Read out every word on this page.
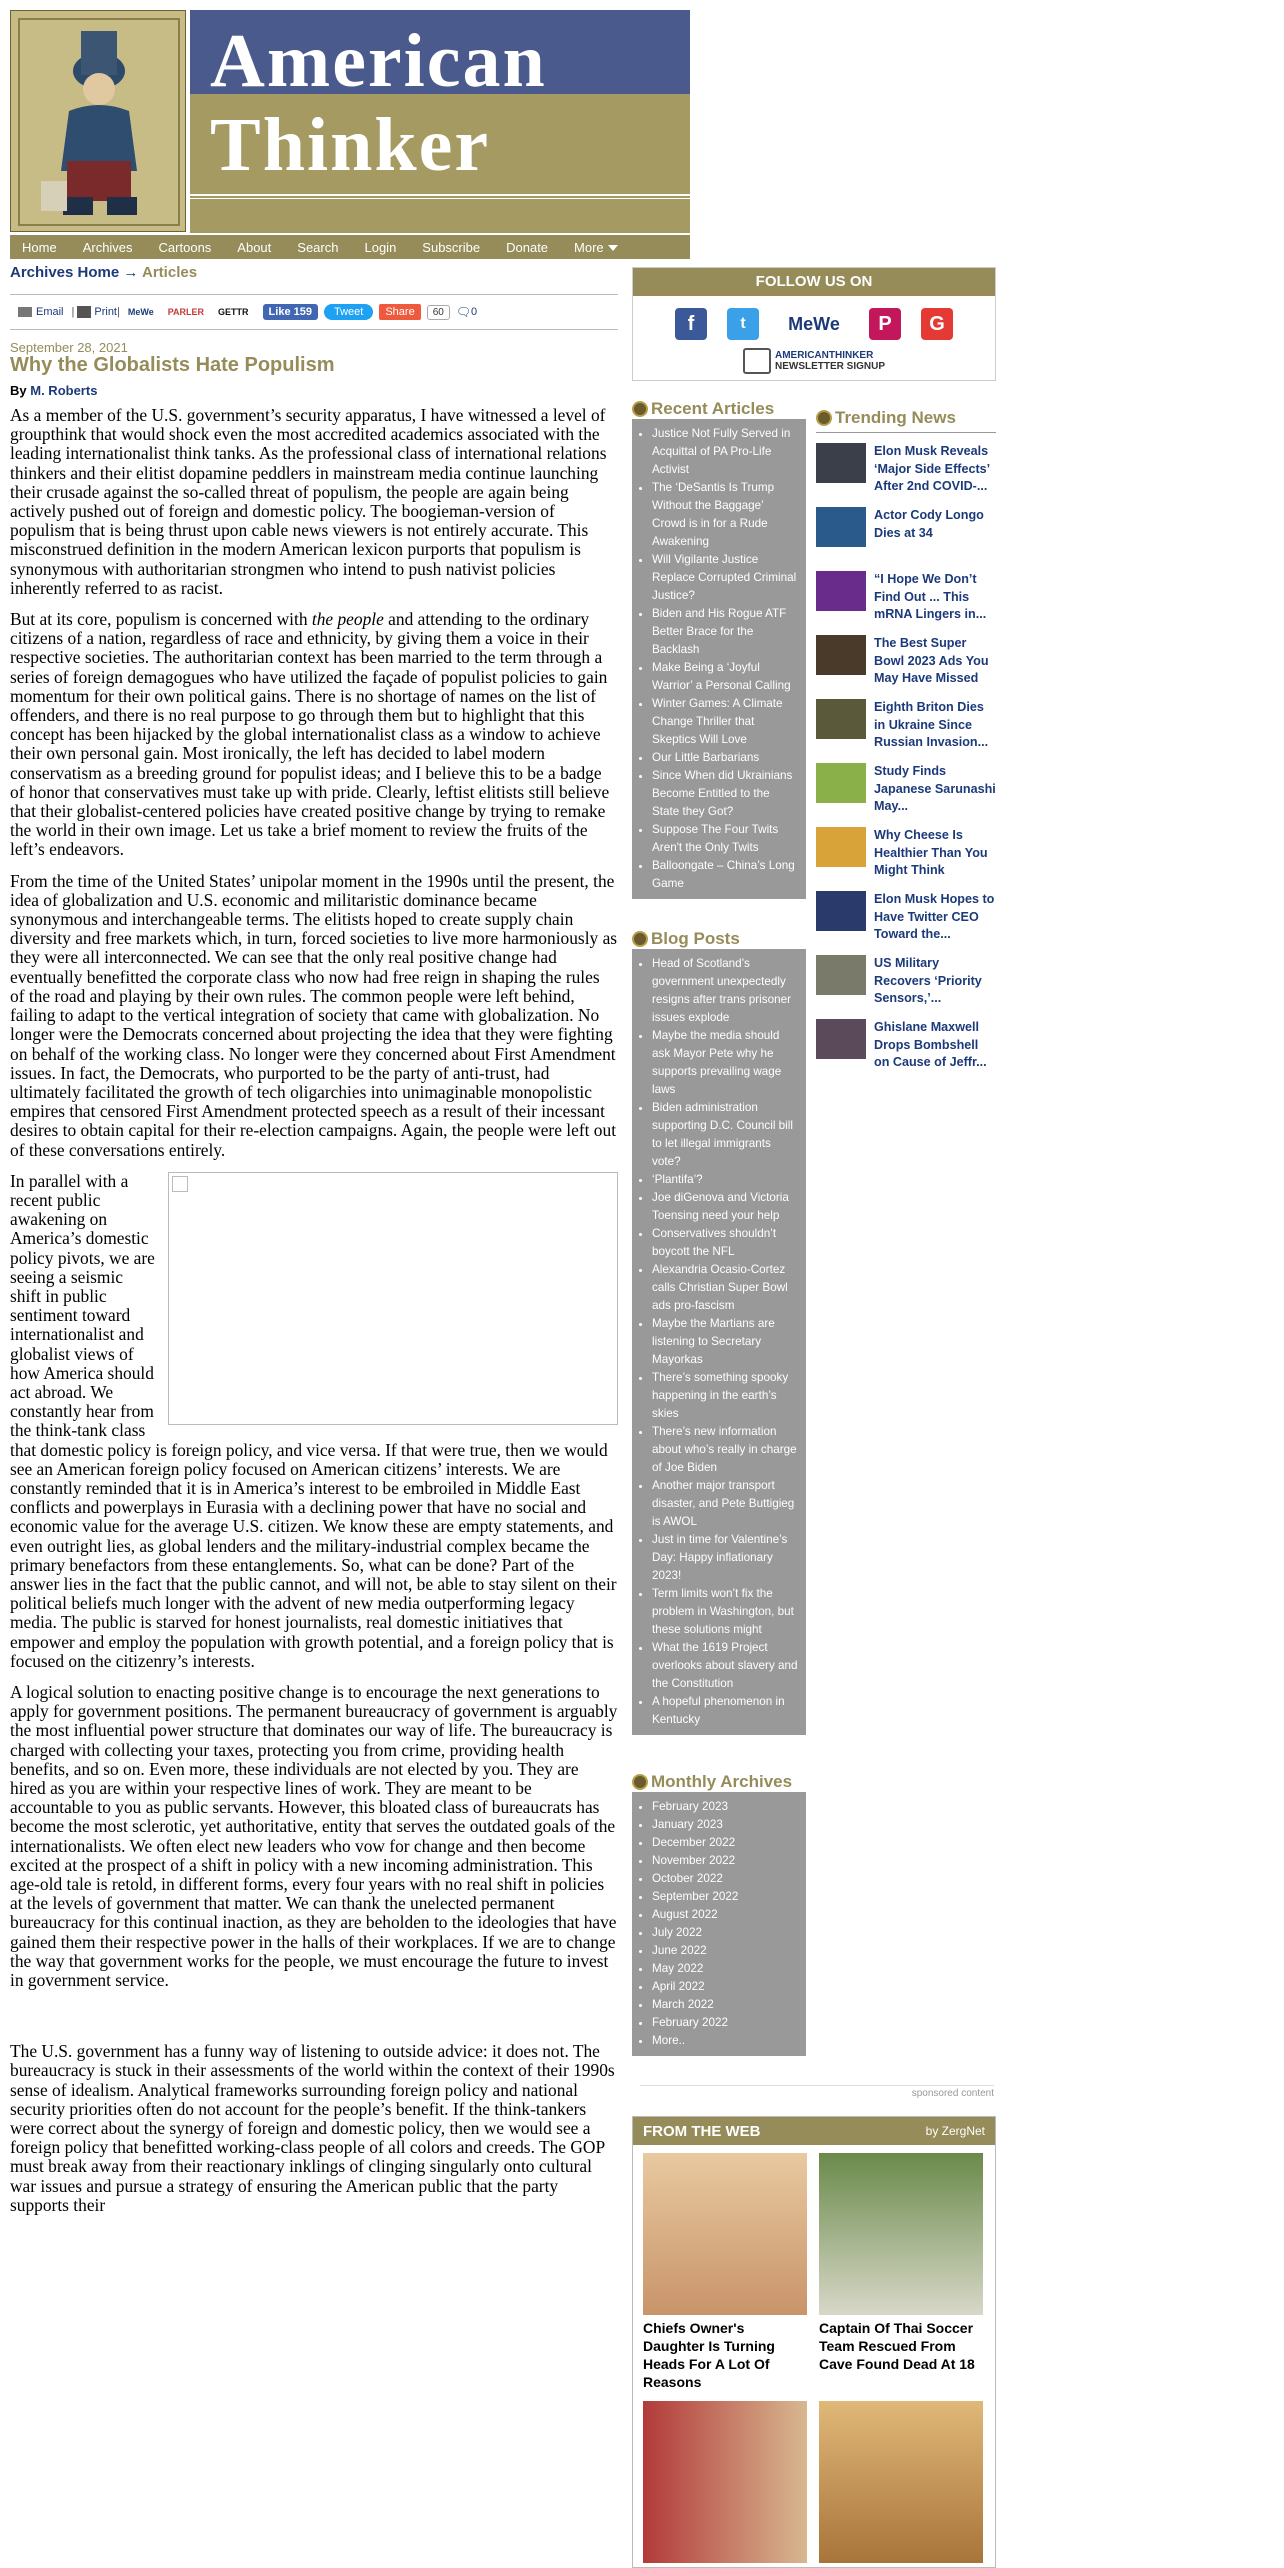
American
Thinker
Home Archives Cartoons About Search Login Subscribe Donate More
Archives Home → Articles
Email | Print | MeWe PARLER GETTR	Like 159	Tweet	Share	60	🗨 0
September 28, 2021
Why the Globalists Hate Populism
By M. Roberts

As a member of the U.S. government’s security apparatus, I have witnessed a level of groupthink that would shock even the most accredited academics associated with the leading internationalist think tanks. As the professional class of international relations thinkers and their elitist dopamine peddlers in mainstream media continue launching their crusade against the so-called threat of populism, the people are again being actively pushed out of foreign and domestic policy. The boogieman-version of populism that is being thrust upon cable news viewers is not entirely accurate. This misconstrued definition in the modern American lexicon purports that populism is synonymous with authoritarian strongmen who intend to push nativist policies inherently referred to as racist.

But at its core, populism is concerned with the people and attending to the ordinary citizens of a nation, regardless of race and ethnicity, by giving them a voice in their respective societies. The authoritarian context has been married to the term through a series of foreign demagogues who have utilized the façade of populist policies to gain momentum for their own political gains. There is no shortage of names on the list of offenders, and there is no real purpose to go through them but to highlight that this concept has been hijacked by the global internationalist class as a window to achieve their own personal gain. Most ironically, the left has decided to label modern conservatism as a breeding ground for populist ideas; and I believe this to be a badge of honor that conservatives must take up with pride. Clearly, leftist elitists still believe that their globalist-centered policies have created positive change by trying to remake the world in their own image. Let us take a brief moment to review the fruits of the left’s endeavors.

From the time of the United States’ unipolar moment in the 1990s until the present, the idea of globalization and U.S. economic and militaristic dominance became synonymous and interchangeable terms. The elitists hoped to create supply chain diversity and free markets which, in turn, forced societies to live more harmoniously as they were all interconnected. We can see that the only real positive change had eventually benefitted the corporate class who now had free reign in shaping the rules of the road and playing by their own rules. The common people were left behind, failing to adapt to the vertical integration of society that came with globalization. No longer were the Democrats concerned about projecting the idea that they were fighting on behalf of the working class. No longer were they concerned about First Amendment issues. In fact, the Democrats, who purported to be the party of anti-trust, had ultimately facilitated the growth of tech oligarchies into unimaginable monopolistic empires that censored First Amendment protected speech as a result of their incessant desires to obtain capital for their re-election campaigns. Again, the people were left out of these conversations entirely.

In parallel with a recent public awakening on America’s domestic policy pivots, we are seeing a seismic shift in public sentiment toward internationalist and globalist views of how America should act abroad. We constantly hear from the think-tank class that domestic policy is foreign policy, and vice versa. If that were true, then we would see an American foreign policy focused on American citizens’ interests. We are constantly reminded that it is in America’s interest to be embroiled in Middle East conflicts and powerplays in Eurasia with a declining power that have no social and economic value for the average U.S. citizen. We know these are empty statements, and even outright lies, as global lenders and the military-industrial complex became the primary benefactors from these entanglements. So, what can be done? Part of the answer lies in the fact that the public cannot, and will not, be able to stay silent on their political beliefs much longer with the advent of new media outperforming legacy media. The public is starved for honest journalists, real domestic initiatives that empower and employ the population with growth potential, and a foreign policy that is focused on the citizenry’s interests.

A logical solution to enacting positive change is to encourage the next generations to apply for government positions. The permanent bureaucracy of government is arguably the most influential power structure that dominates our way of life. The bureaucracy is charged with collecting your taxes, protecting you from crime, providing health benefits, and so on. Even more, these individuals are not elected by you. They are hired as you are within your respective lines of work. They are meant to be accountable to you as public servants. However, this bloated class of bureaucrats has become the most sclerotic, yet authoritative, entity that serves the outdated goals of the internationalists. We often elect new leaders who vow for change and then become excited at the prospect of a shift in policy with a new incoming administration. This age-old tale is retold, in different forms, every four years with no real shift in policies at the levels of government that matter. We can thank the unelected permanent bureaucracy for this continual inaction, as they are beholden to the ideologies that have gained them their respective power in the halls of their workplaces. If we are to change the way that government works for the people, we must encourage the future to invest in government service.

The U.S. government has a funny way of listening to outside advice: it does not. The bureaucracy is stuck in their assessments of the world within the context of their 1990s sense of idealism. Analytical frameworks surrounding foreign policy and national security priorities often do not account for the people’s benefit. If the think-tankers were correct about the synergy of foreign and domestic policy, then we would see a foreign policy that benefitted working-class people of all colors and creeds. The GOP must break away from their reactionary inklings of clinging singularly onto cultural war issues and pursue a strategy of ensuring the American public that the party supports their

FOLLOW US ON
f	t	MeWe	P	G
AMERICANTHINKER
NEWSLETTER SIGNUP
Recent Articles
• Justice Not Fully Served in Acquittal of PA Pro-Life Activist
• The ‘DeSantis Is Trump Without the Baggage’ Crowd is in for a Rude Awakening
• Will Vigilante Justice Replace Corrupted Criminal Justice?
• Biden and His Rogue ATF Better Brace for the Backlash
• Make Being a ‘Joyful Warrior’ a Personal Calling
• Winter Games: A Climate Change Thriller that Skeptics Will Love
• Our Little Barbarians
• Since When did Ukrainians Become Entitled to the State they Got?
• Suppose The Four Twits Aren't the Only Twits
• Balloongate – China’s Long Game
Blog Posts
• Head of Scotland’s government unexpectedly resigns after trans prisoner issues explode
• Maybe the media should ask Mayor Pete why he supports prevailing wage laws
• Biden administration supporting D.C. Council bill to let illegal immigrants vote?
• ‘Plantifa’?
• Joe diGenova and Victoria Toensing need your help
• Conservatives shouldn’t boycott the NFL
• Alexandria Ocasio-Cortez calls Christian Super Bowl ads pro-fascism
• Maybe the Martians are listening to Secretary Mayorkas
• There’s something spooky happening in the earth’s skies
• There’s new information about who’s really in charge of Joe Biden
• Another major transport disaster, and Pete Buttigieg is AWOL
• Just in time for Valentine’s Day: Happy inflationary 2023!
• Term limits won’t fix the problem in Washington, but these solutions might
• What the 1619 Project overlooks about slavery and the Constitution
• A hopeful phenomenon in Kentucky
Monthly Archives
• February 2023
• January 2023
• December 2022
• November 2022
• October 2022
• September 2022
• August 2022
• July 2022
• June 2022
• May 2022
• April 2022
• March 2022
• February 2022
• More..
Trending News
Elon Musk Reveals ‘Major Side Effects’ After 2nd COVID-...
Actor Cody Longo Dies at 34
“I Hope We Don’t Find Out ... This mRNA Lingers in...
The Best Super Bowl 2023 Ads You May Have Missed
Eighth Briton Dies in Ukraine Since Russian Invasion...
Study Finds Japanese Sarunashi May...
Why Cheese Is Healthier Than You Might Think
Elon Musk Hopes to Have Twitter CEO Toward the...
US Military Recovers ‘Priority Sensors,’...
Ghislane Maxwell Drops Bombshell on Cause of Jeffr...
sponsored content
FROM THE WEB	by ZergNet
Chiefs Owner's Daughter Is Turning Heads For A Lot Of Reasons
Captain Of Thai Soccer Team Rescued From Cave Found Dead At 18
